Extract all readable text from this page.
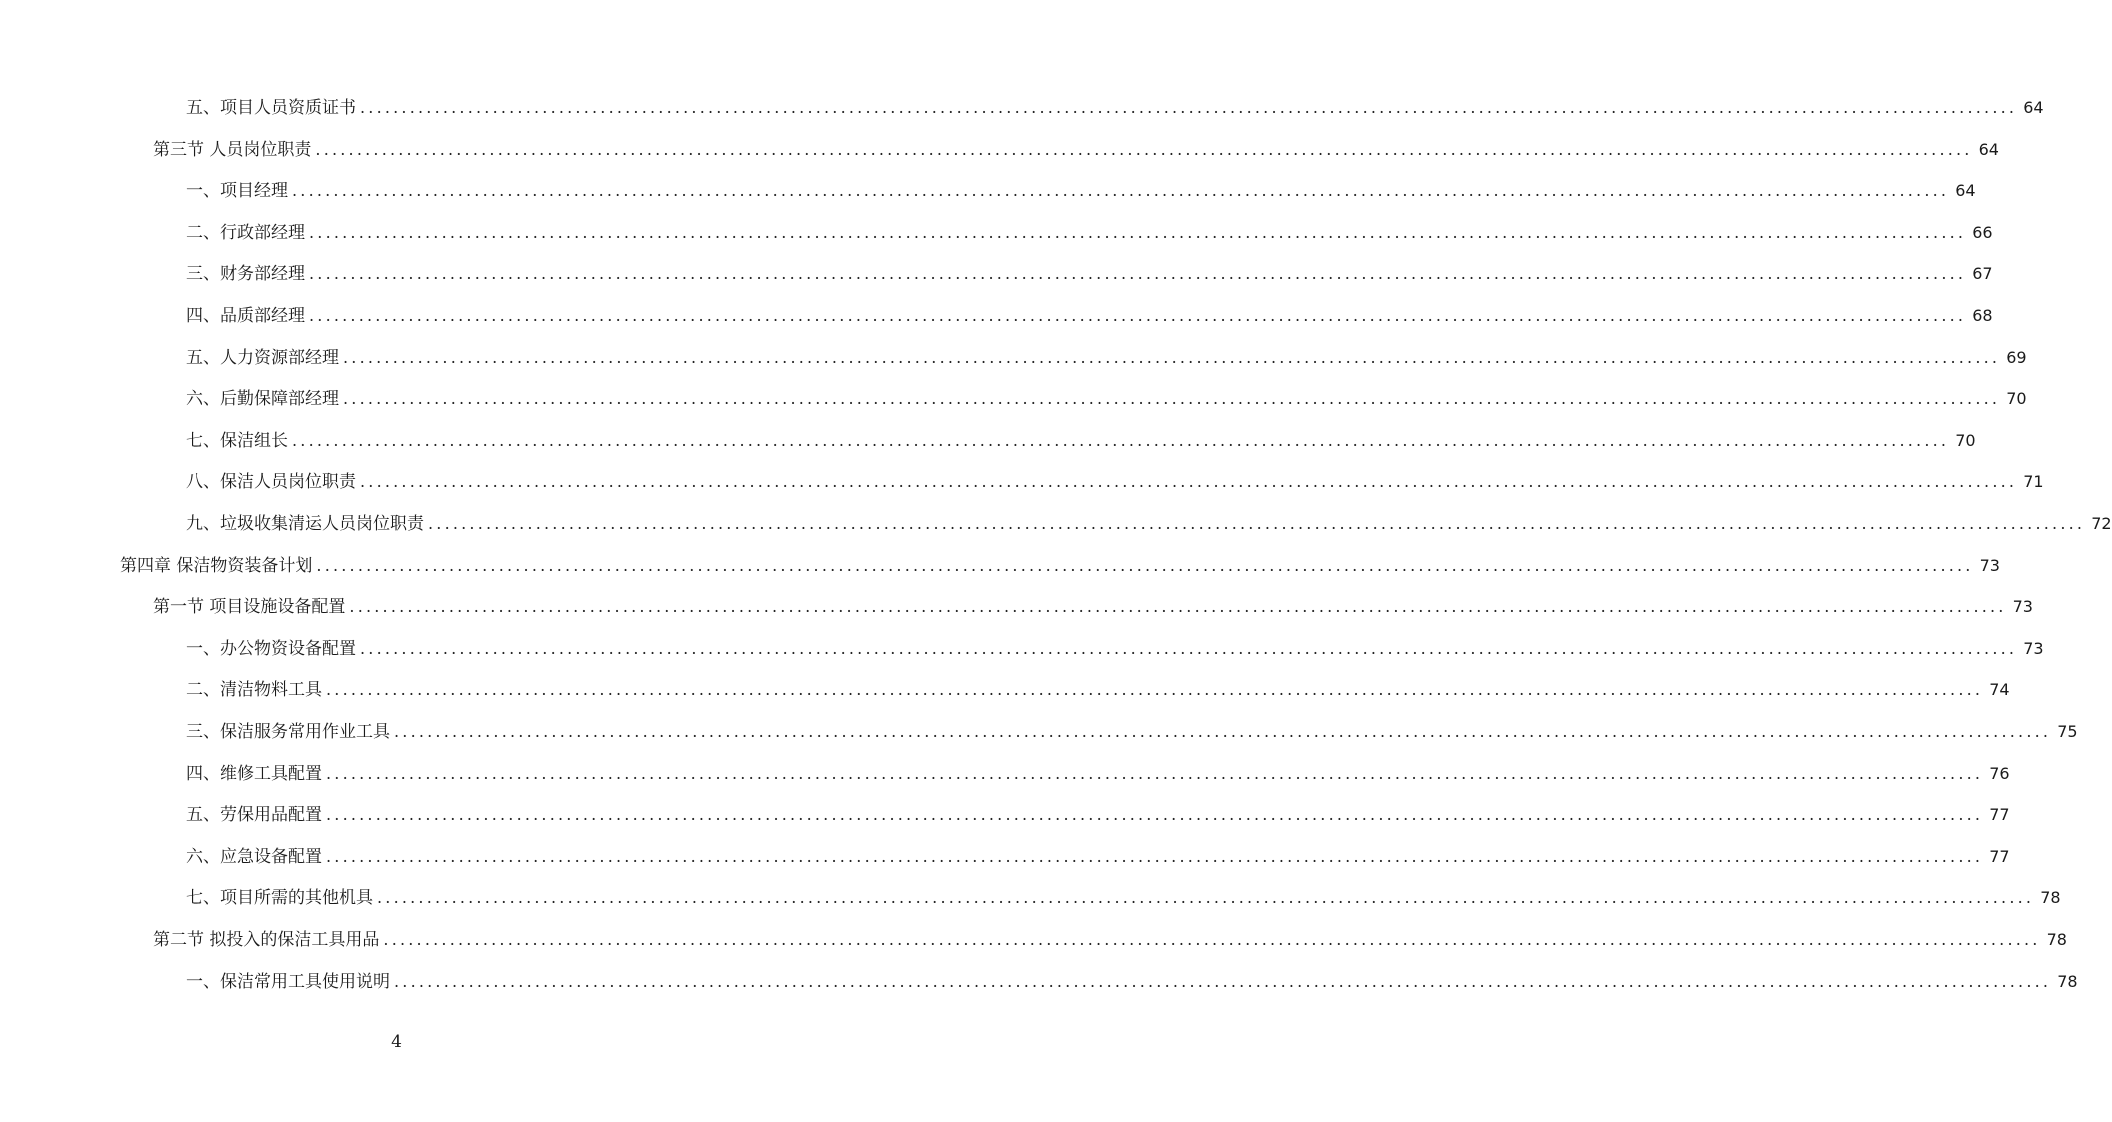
五、项目人员资质证书 ........................................................................................................................................................................................................ 64
第三节 人员岗位职责 ........................................................................................................................................................................................................ 64
一、项目经理 ........................................................................................................................................................................................................ 64
二、行政部经理 ........................................................................................................................................................................................................ 66
三、财务部经理 ........................................................................................................................................................................................................ 67
四、品质部经理 ........................................................................................................................................................................................................ 68
五、人力资源部经理 ........................................................................................................................................................................................................ 69
六、后勤保障部经理 ........................................................................................................................................................................................................ 70
七、保洁组长 ........................................................................................................................................................................................................ 70
八、保洁人员岗位职责 ........................................................................................................................................................................................................ 71
九、垃圾收集清运人员岗位职责 ........................................................................................................................................................................................................ 72
第四章 保洁物资装备计划 ........................................................................................................................................................................................................ 73
第一节 项目设施设备配置 ........................................................................................................................................................................................................ 73
一、办公物资设备配置 ........................................................................................................................................................................................................ 73
二、清洁物料工具 ........................................................................................................................................................................................................ 74
三、保洁服务常用作业工具 ........................................................................................................................................................................................................ 75
四、维修工具配置 ........................................................................................................................................................................................................ 76
五、劳保用品配置 ........................................................................................................................................................................................................ 77
六、应急设备配置 ........................................................................................................................................................................................................ 77
七、项目所需的其他机具 ........................................................................................................................................................................................................ 78
第二节 拟投入的保洁工具用品 ........................................................................................................................................................................................................ 78
一、保洁常用工具使用说明 ........................................................................................................................................................................................................ 78
4
